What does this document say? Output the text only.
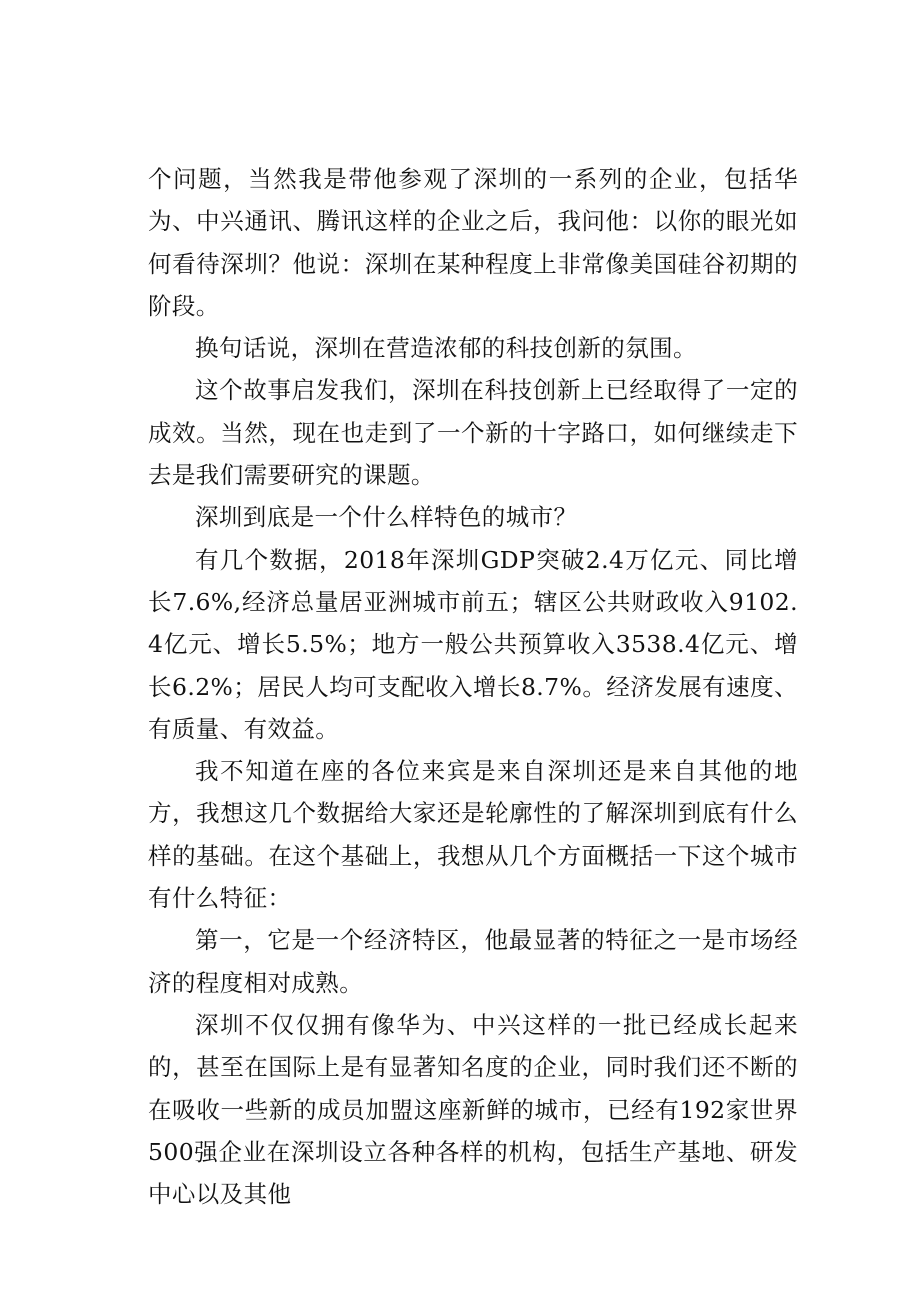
个问题，当然我是带他参观了深圳的一系列的企业，包括华为、中兴通讯、腾讯这样的企业之后，我问他：以你的眼光如何看待深圳？他说：深圳在某种程度上非常像美国硅谷初期的阶段。

换句话说，深圳在营造浓郁的科技创新的氛围。

这个故事启发我们，深圳在科技创新上已经取得了一定的成效。当然，现在也走到了一个新的十字路口，如何继续走下去是我们需要研究的课题。

深圳到底是一个什么样特色的城市？

有几个数据，2018年深圳GDP突破2.4万亿元、同比增长7.6%,经济总量居亚洲城市前五；辖区公共财政收入9102.4亿元、增长5.5%；地方一般公共预算收入3538.4亿元、增长6.2%；居民人均可支配收入增长8.7%。经济发展有速度、有质量、有效益。

我不知道在座的各位来宾是来自深圳还是来自其他的地方，我想这几个数据给大家还是轮廓性的了解深圳到底有什么样的基础。在这个基础上，我想从几个方面概括一下这个城市有什么特征：

第一，它是一个经济特区，他最显著的特征之一是市场经济的程度相对成熟。

深圳不仅仅拥有像华为、中兴这样的一批已经成长起来的，甚至在国际上是有显著知名度的企业，同时我们还不断的在吸收一些新的成员加盟这座新鲜的城市，已经有192家世界500强企业在深圳设立各种各样的机构，包括生产基地、研发中心以及其他
